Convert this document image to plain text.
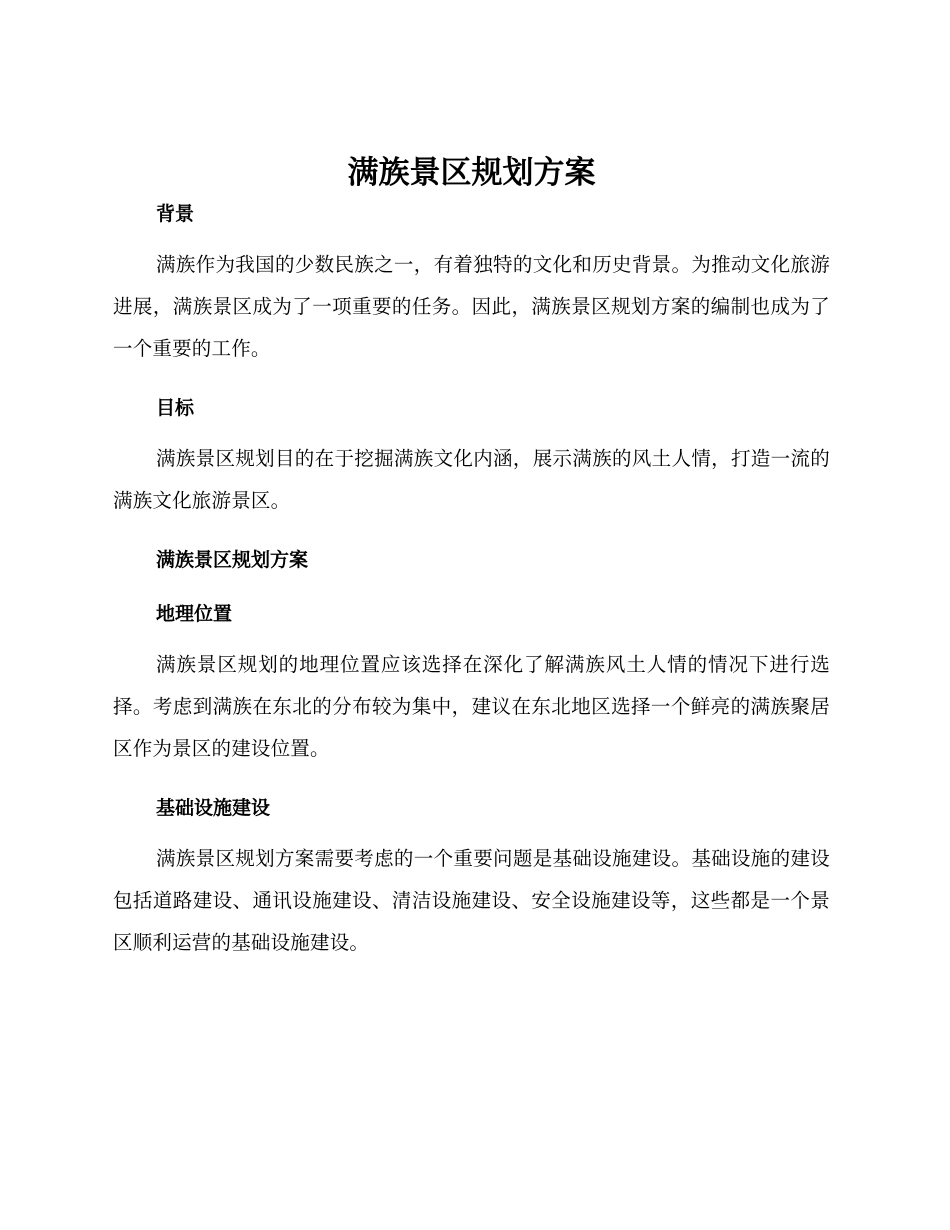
满族景区规划方案
背景

满族作为我国的少数民族之一，有着独特的文化和历史背景。为推动文化旅游进展，满族景区成为了一项重要的任务。因此，满族景区规划方案的编制也成为了一个重要的工作。

目标

满族景区规划目的在于挖掘满族文化内涵，展示满族的风土人情，打造一流的满族文化旅游景区。

满族景区规划方案
地理位置

满族景区规划的地理位置应该选择在深化了解满族风土人情的情况下进行选择。考虑到满族在东北的分布较为集中，建议在东北地区选择一个鲜亮的满族聚居区作为景区的建设位置。

基础设施建设

满族景区规划方案需要考虑的一个重要问题是基础设施建设。基础设施的建设包括道路建设、通讯设施建设、清洁设施建设、安全设施建设等，这些都是一个景区顺利运营的基础设施建设。
